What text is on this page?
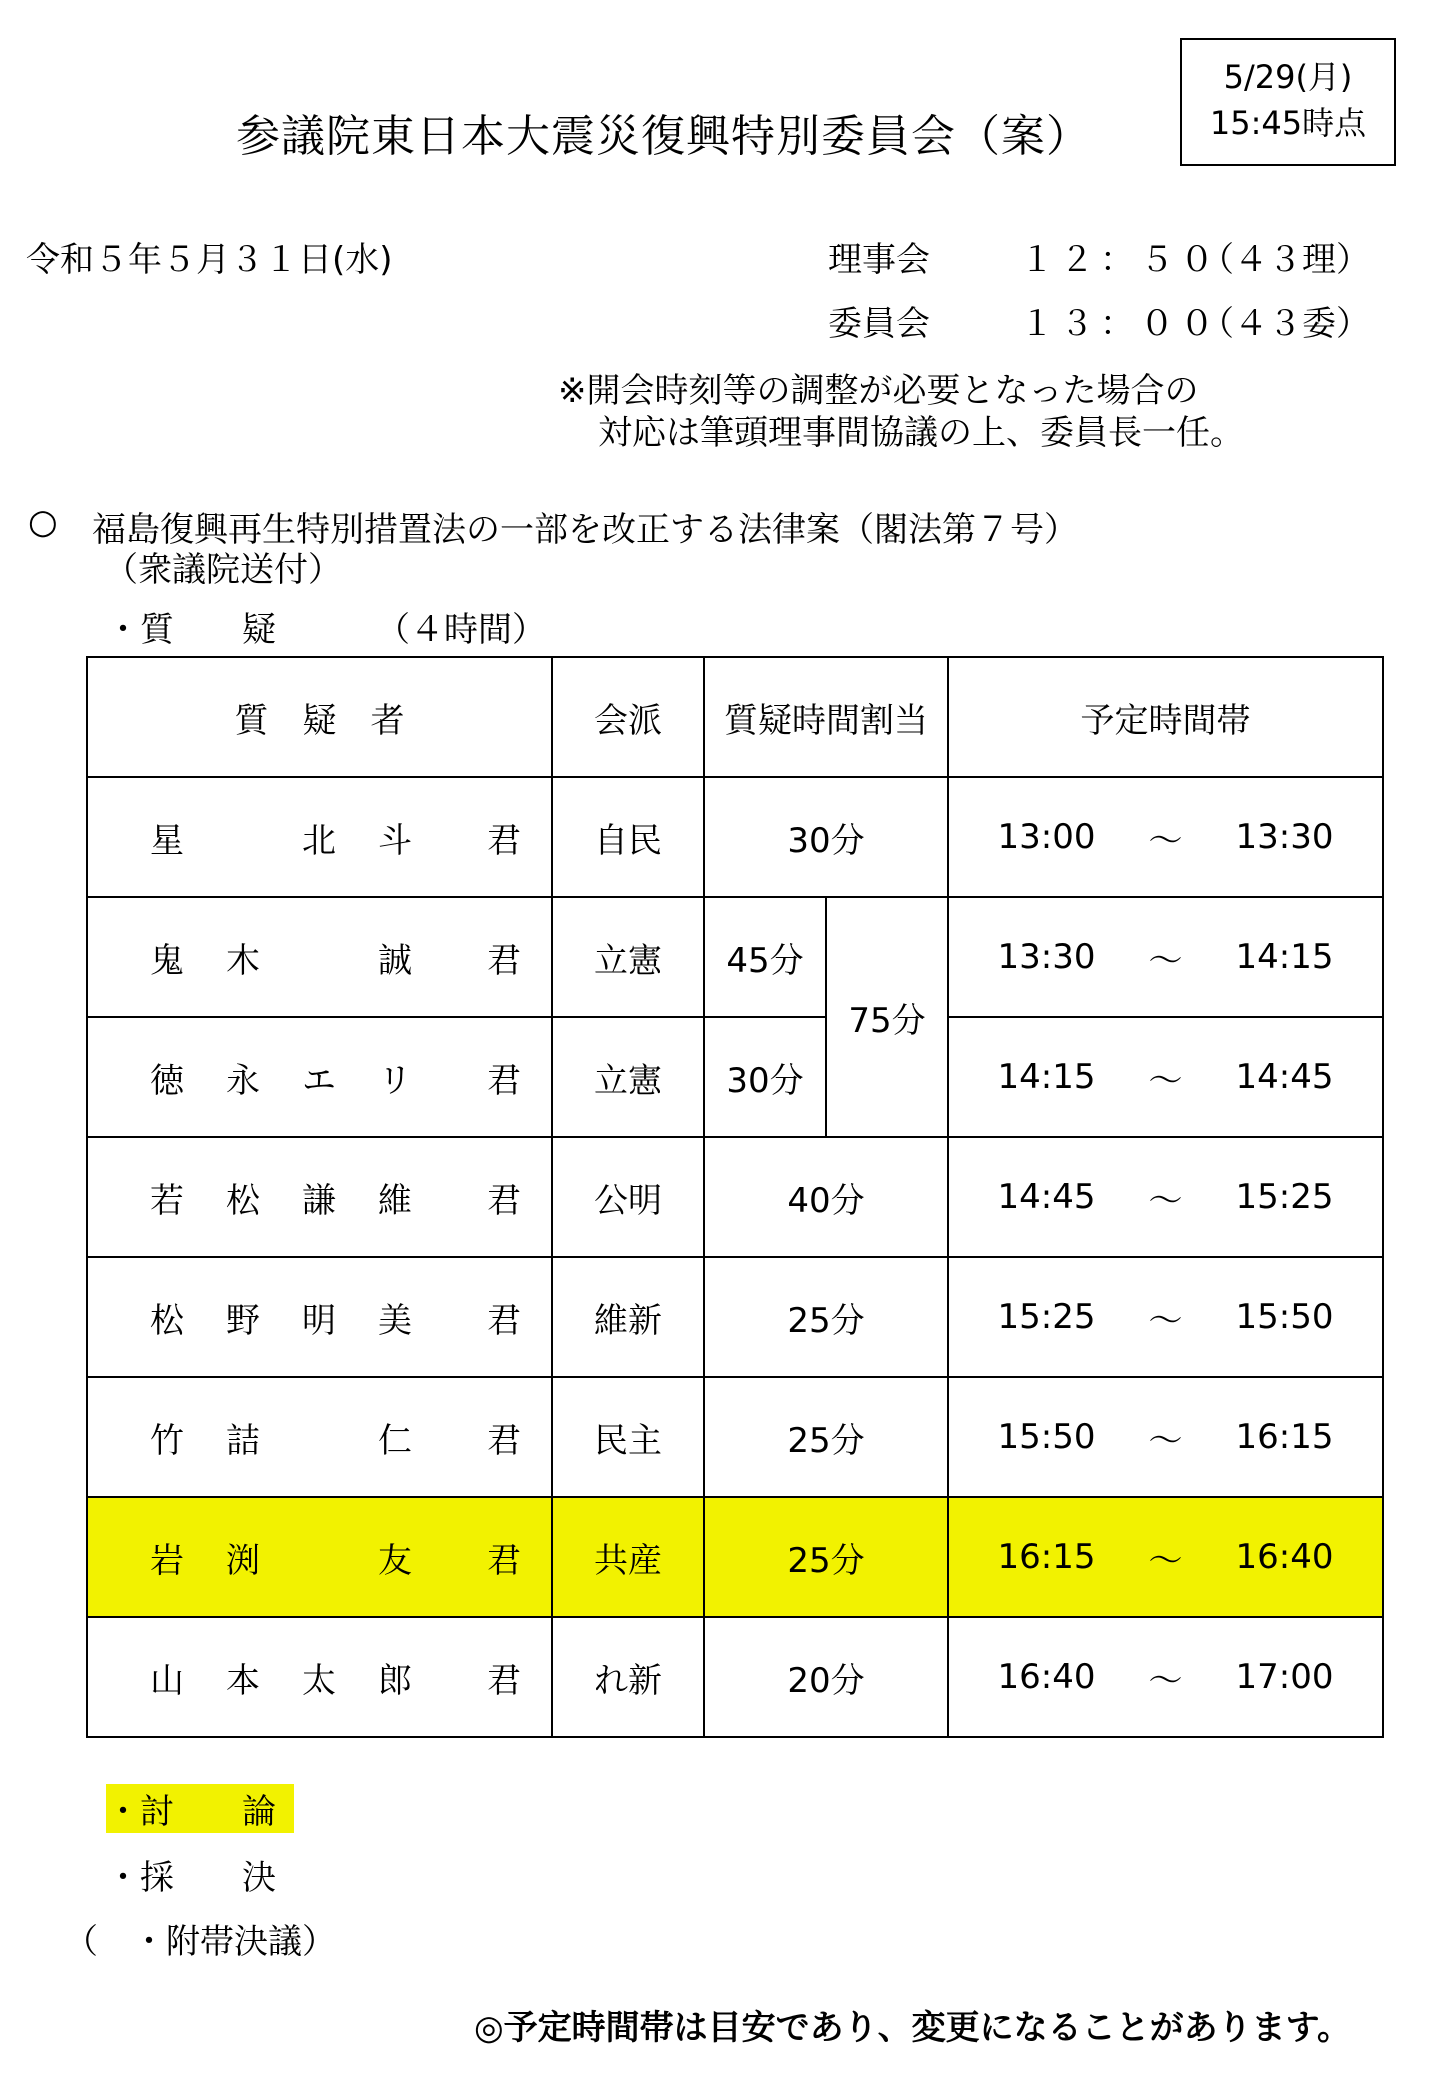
参議院東日本大震災復興特別委員会（案）
5/29(月)
15:45時点
令和５年５月３１日(水)	理事会	１２：５０
（４３理）
委員会	１３：００
（４３委）
※開会時刻等の調整が必要となった場合の
対応は筆頭理事間協議の上、委員長一任。
○ 福島復興再生特別措置法の一部を改正する法律案（閣法第７号）
（衆議院送付）
・質　　疑	（４時間）
質　疑　者	会派	質疑時間割当		予定時間帯

星 北 斗 君	自民	30分		13:00 ～ 13:30

鬼 木 誠 君	立憲	45分	75分	13:30 ～ 14:15

徳 永 エ リ 君	立憲	30分		14:15 ～ 14:45

若 松 謙 維 君	公明	40分		14:45 ～ 15:25

松 野 明 美 君	維新	25分		15:25 ～ 15:50

竹 詰 仁 君	民主	25分		15:50 ～ 16:15

岩 渕 友 君	共産	25分		16:15 ～ 16:40

山 本 太 郎 君	れ新	20分		16:40 ～ 17:00
・討　　論
・採　　決
（　・附帯決議）
◎予定時間帯は目安であり、変更になることがあります。
